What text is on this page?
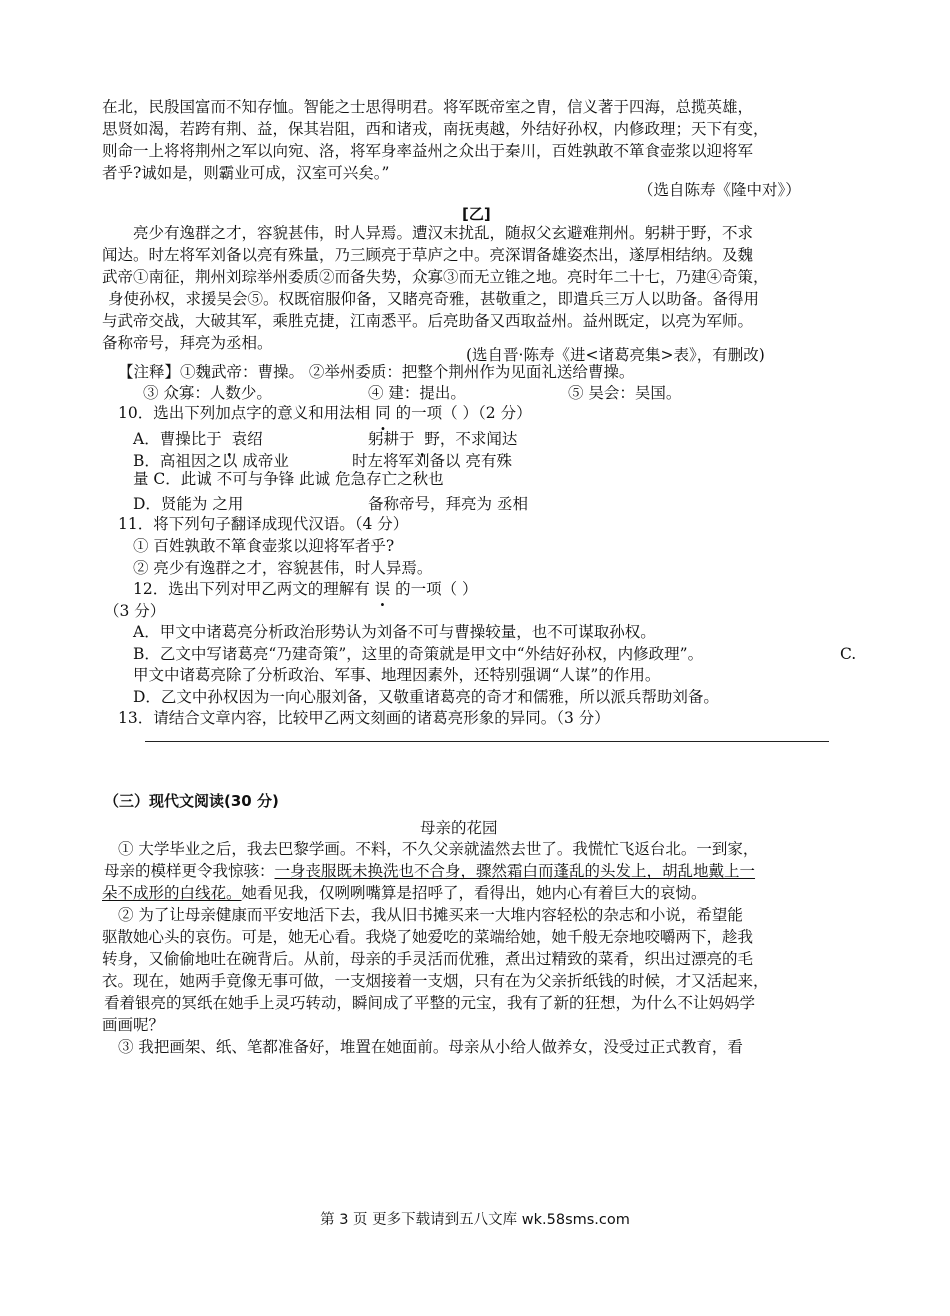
在北，民殷国富而不知存恤。智能之士思得明君。将军既帝室之胄，信义著于四海，总揽英雄，
思贤如渴，若跨有荆、益，保其岩阻，西和诸戎，南抚夷越，外结好孙权，内修政理；天下有变，
则命一上将将荆州之军以向宛、洛，将军身率益州之众出于秦川，百姓孰敢不箪食壶浆以迎将军
者乎?诚如是，则霸业可成，汉室可兴矣。”
（选自陈寿《隆中对》）
[乙]
亮少有逸群之才，容貌甚伟，时人异焉。遭汉末扰乱，随叔父玄避难荆州。躬耕于野，不求
闻达。时左将军刘备以亮有殊量，乃三顾亮于草庐之中。亮深谓备雄姿杰出，遂厚相结纳。及魏
武帝①南征，荆州刘琮举州委质②而备失势，众寡③而无立锥之地。亮时年二十七，乃建④奇策，
身使孙权，求援吴会⑤。权既宿服仰备，又睹亮奇雅，甚敬重之，即遣兵三万人以助备。备得用
与武帝交战，大破其军，乘胜克捷，江南悉平。后亮助备又西取益州。益州既定，以亮为军师。
备称帝号，拜亮为丞相。
(选自晋·陈寿《进<诸葛亮集>表》，有删改)
【注释】①魏武帝：曹操。 ②举州委质：把整个荆州作为见面礼送给曹操。
③ 众寡：人数少。	④ 建：提出。	⑤ 吴会：吴国。
10．选出下列加点字的意义和用法相 同 的一项（ ）（2 分）
A．曹操比于 袁绍	躬耕于 野，不求闻达
B．高祖因之以 成帝业	时左将军刘备以 亮有殊
量 C．此诚 不可与争锋 此诚 危急存亡之秋也
D．贤能为 之用	备称帝号，拜亮为 丞相
11．将下列句子翻译成现代汉语。（4 分）
① 百姓孰敢不箪食壶浆以迎将军者乎?
② 亮少有逸群之才，容貌甚伟，时人异焉。
12．选出下列对甲乙两文的理解有 误 的一项（ ）
（3 分）
A．甲文中诸葛亮分析政治形势认为刘备不可与曹操较量，也不可谋取孙权。
B．乙文中写诸葛亮“乃建奇策”，这里的奇策就是甲文中“外结好孙权，内修政理”。	C.
甲文中诸葛亮除了分析政治、军事、地理因素外，还特别强调“人谋”的作用。
D．乙文中孙权因为一向心服刘备，又敬重诸葛亮的奇才和儒雅，所以派兵帮助刘备。
13．请结合文章内容，比较甲乙两文刻画的诸葛亮形象的异同。（3 分）
（三）现代文阅读(30 分)
母亲的花园
① 大学毕业之后，我去巴黎学画。不料，不久父亲就溘然去世了。我慌忙飞返台北。一到家，
母亲的模样更令我惊骇：一身丧服既未换洗也不合身，骤然霜白而蓬乱的头发上，胡乱地戴上一
朵不成形的白线花。她看见我，仅咧咧嘴算是招呼了，看得出，她内心有着巨大的哀恸。
② 为了让母亲健康而平安地活下去，我从旧书摊买来一大堆内容轻松的杂志和小说，希望能
驱散她心头的哀伤。可是，她无心看。我烧了她爱吃的菜端给她，她千般无奈地咬嚼两下，趁我
转身，又偷偷地吐在碗背后。从前，母亲的手灵活而优雅，煮出过精致的菜肴，织出过漂亮的毛
衣。现在，她两手竟像无事可做，一支烟接着一支烟，只有在为父亲折纸钱的时候，才又活起来，
看着银亮的冥纸在她手上灵巧转动，瞬间成了平整的元宝，我有了新的狂想，为什么不让妈妈学
画画呢？
③ 我把画架、纸、笔都准备好，堆置在她面前。母亲从小给人做养女，没受过正式教育，看
第 3 页 更多下载请到五八文库 wk.58sms.com
